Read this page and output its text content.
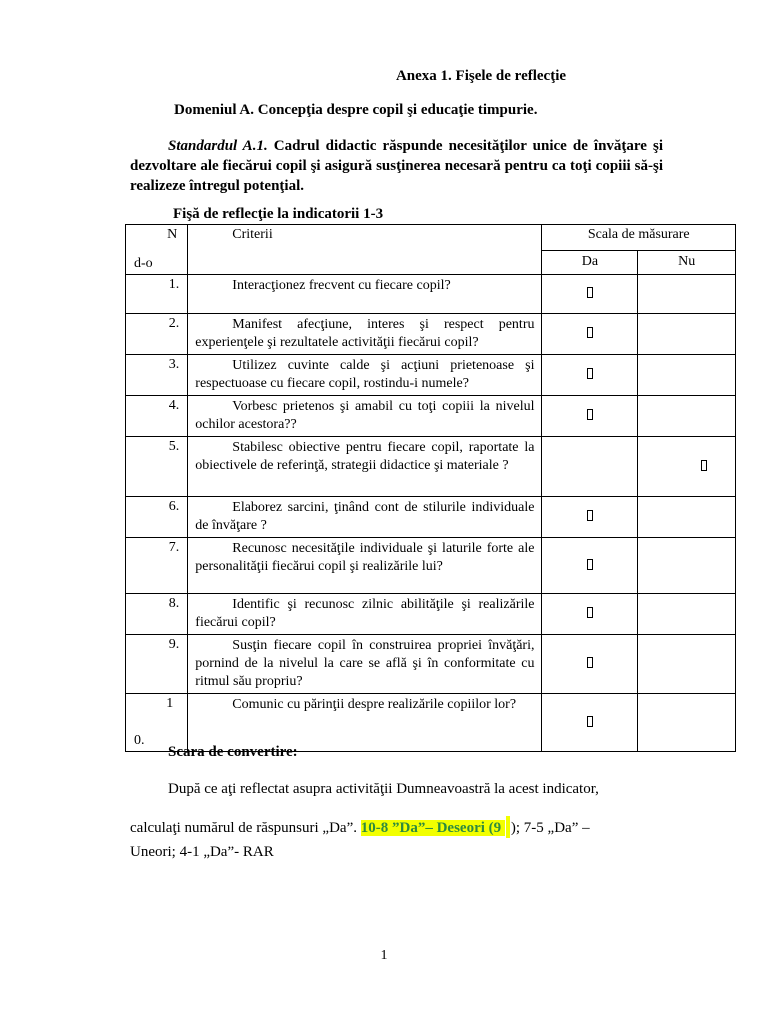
Anexa 1. Fişele de reflecţie
Domeniul A. Concepţia despre copil şi educaţie timpurie.
Standardul A.1. Cadrul didactic răspunde necesităţilor unice de învăţare şi dezvoltare ale fiecărui copil şi asigură susţinerea necesară pentru ca toţi copiii să-şi realizeze întregul potenţial.
Fişă de reflecţie la indicatorii 1-3
N
d-o	Criterii	Scala de măsurare	
		Da	Nu
1.	Interacţionez frecvent cu fiecare copil?		
2.	Manifest afecţiune, interes şi respect pentru experienţele şi rezultatele activităţii fiecărui copil?		
3.	Utilizez cuvinte calde şi acţiuni prietenoase şi respectuoase cu fiecare copil, rostindu-i numele?		
4.	Vorbesc prietenos şi amabil cu toţi copiii la nivelul ochilor acestora??		
5.	Stabilesc obiective pentru fiecare copil, raportate la obiectivele de referinţă, strategii didactice şi materiale ?		
6.	Elaborez sarcini, ţinând cont de stilurile individuale de învăţare ?		
7.	Recunosc necesităţile individuale şi laturile forte ale personalităţii fiecărui copil şi realizările lui?		
8.	Identific şi recunosc zilnic abilităţile şi realizările fiecărui copil?		
9.	Susţin fiecare copil în construirea propriei învăţări, pornind de la nivelul la care se află şi în conformitate cu ritmul său propriu?		

1
0.	Comunic cu părinţii despre realizările copiilor lor?		
Scara de convertire:
După ce aţi reflectat asupra activităţii Dumneavoastră la acest indicator,
calculaţi numărul de răspunsuri „Da”. 10-8 ”Da”– Deseori (9 ); 7-5 „Da” –
Uneori; 4-1 „Da”- RAR
1
